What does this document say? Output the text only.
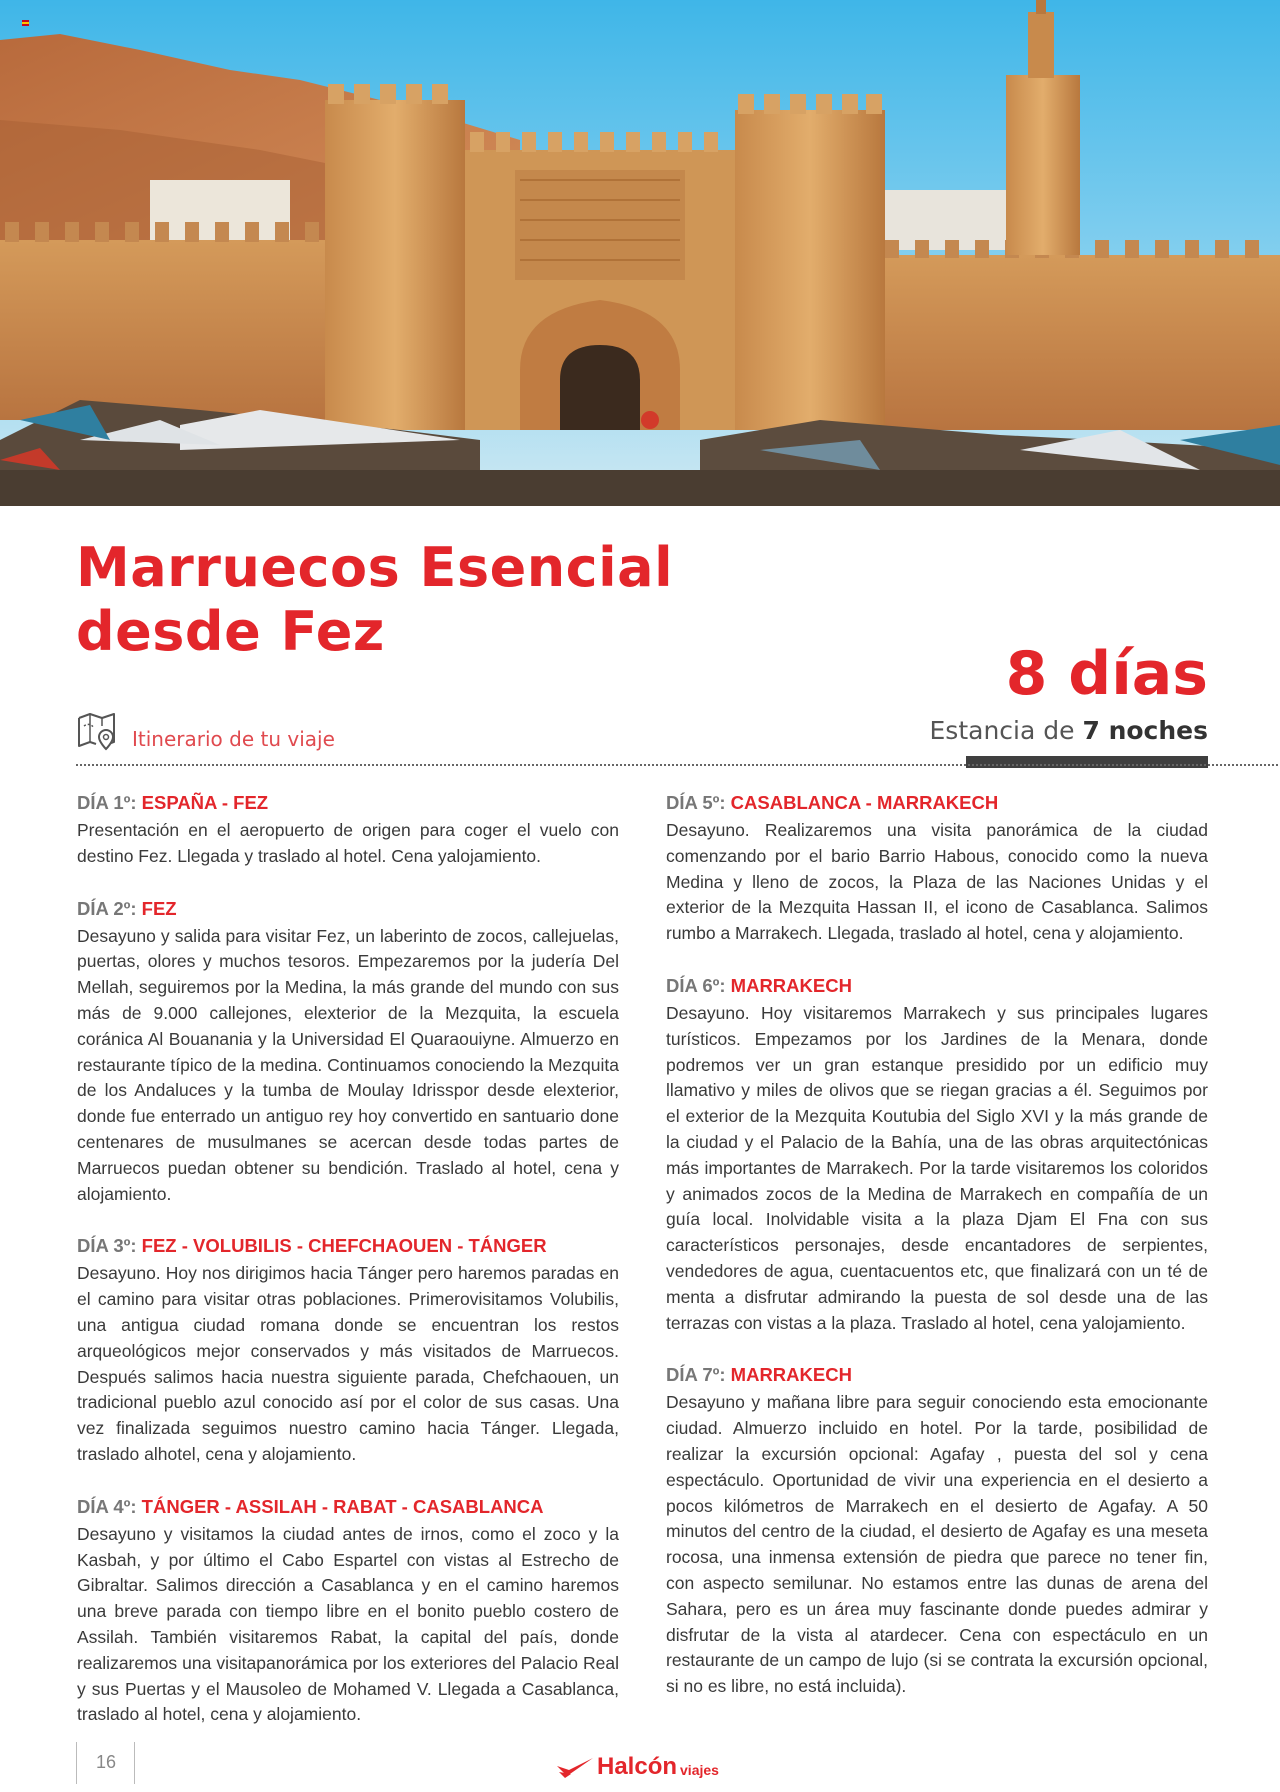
Marruecos Esencial
desde Fez
8 días
Estancia de 7 noches
Itinerario de tu viaje
DÍA 1º: ESPAÑA - FEZ

Presentación en el aeropuerto de origen para coger el vuelo con destino Fez. Llegada y traslado al hotel. Cena yalojamiento.

DÍA 2º: FEZ

Desayuno y salida para visitar Fez, un laberinto de zocos, callejuelas, puertas, olores y muchos tesoros. Empezaremos por la judería Del Mellah, seguiremos por la Medina, la más grande del mundo con sus más de 9.000 callejones, elexterior de la Mezquita, la escuela coránica Al Bouanania y la Universidad El Quaraouiyne. Almuerzo en restaurante típico de la medina. Continuamos conociendo la Mezquita de los Andaluces y la tumba de Moulay Idrisspor desde elexterior, donde fue enterrado un antiguo rey hoy convertido en santuario done centenares de musulmanes se acercan desde todas partes de Marruecos puedan obtener su bendición. Traslado al hotel, cena y alojamiento.

DÍA 3º: FEZ - VOLUBILIS - CHEFCHAOUEN - TÁNGER

Desayuno. Hoy nos dirigimos hacia Tánger pero haremos paradas en el camino para visitar otras poblaciones. Primerovisitamos Volubilis, una antigua ciudad romana donde se encuentran los restos arqueológicos mejor conservados y más visitados de Marruecos. Después salimos hacia nuestra siguiente parada, Chefchaouen, un tradicional pueblo azul conocido así por el color de sus casas. Una vez finalizada seguimos nuestro camino hacia Tánger. Llegada, traslado alhotel, cena y alojamiento.

DÍA 4º: TÁNGER - ASSILAH - RABAT - CASABLANCA

Desayuno y visitamos la ciudad antes de irnos, como el zoco y la Kasbah, y por último el Cabo Espartel con vistas al Estrecho de Gibraltar. Salimos dirección a Casablanca y en el camino haremos una breve parada con tiempo libre en el bonito pueblo costero de Assilah. También visitaremos Rabat, la capital del país, donde realizaremos una visitapanorámica por los exteriores del Palacio Real y sus Puertas y el Mausoleo de Mohamed V. Llegada a Casablanca, traslado al hotel, cena y alojamiento.

DÍA 5º: CASABLANCA - MARRAKECH

Desayuno. Realizaremos una visita panorámica de la ciudad comenzando por el bario Barrio Habous, conocido como la nueva Medina y lleno de zocos, la Plaza de las Naciones Unidas y el exterior de la Mezquita Hassan II, el icono de Casablanca. Salimos rumbo a Marrakech. Llegada, traslado al hotel, cena y alojamiento.

DÍA 6º: MARRAKECH

Desayuno. Hoy visitaremos Marrakech y sus principales lugares turísticos. Empezamos por los Jardines de la Menara, donde podremos ver un gran estanque presidido por un edificio muy llamativo y miles de olivos que se riegan gracias a él. Seguimos por el exterior de la Mezquita Koutubia del Siglo XVI y la más grande de la ciudad y el Palacio de la Bahía, una de las obras arquitectónicas más importantes de Marrakech. Por la tarde visitaremos los coloridos y animados zocos de la Medina de Marrakech en compañía de un guía local. Inolvidable visita a la plaza Djam El Fna con sus característicos personajes, desde encantadores de serpientes, vendedores de agua, cuentacuentos etc, que finalizará con un té de menta a disfrutar admirando la puesta de sol desde una de las terrazas con vistas a la plaza. Traslado al hotel, cena yalojamiento.

DÍA 7º: MARRAKECH

Desayuno y mañana libre para seguir conociendo esta emocionante ciudad. Almuerzo incluido en hotel. Por la tarde, posibilidad de realizar la excursión opcional: Agafay , puesta del sol y cena espectáculo. Oportunidad de vivir una experiencia en el desierto a pocos kilómetros de Marrakech en el desierto de Agafay. A 50 minutos del centro de la ciudad, el desierto de Agafay es una meseta rocosa, una inmensa extensión de piedra que parece no tener fin, con aspecto semilunar. No estamos entre las dunas de arena del Sahara, pero es un área muy fascinante donde puedes admirar y disfrutar de la vista al atardecer. Cena con espectáculo en un restaurante de un campo de lujo (si se contrata la excursión opcional, si no es libre, no está incluida).

16	Halcón viajes
